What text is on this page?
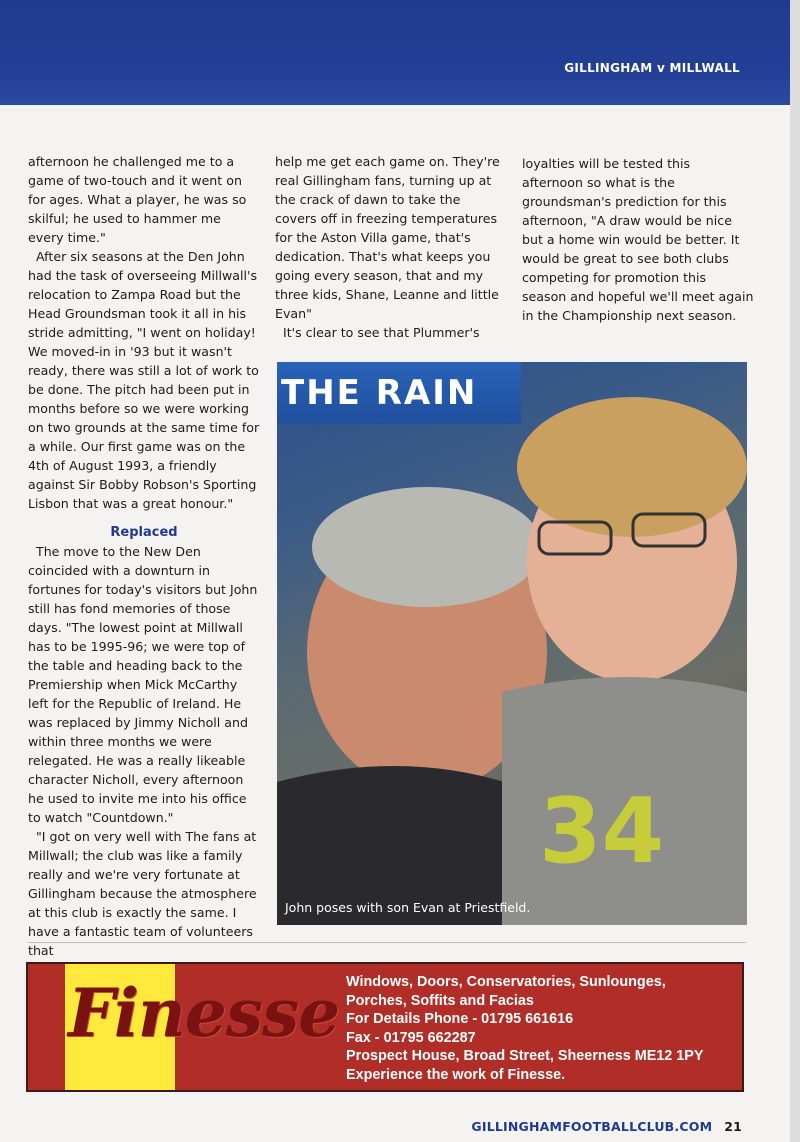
GILLINGHAM v MILLWALL

afternoon he challenged me to a game of two-touch and it went on for ages. What a player, he was so skilful; he used to hammer me every time."

After six seasons at the Den John had the task of overseeing Millwall's relocation to Zampa Road but the Head Groundsman took it all in his stride admitting, "I went on holiday! We moved-in in '93 but it wasn't ready, there was still a lot of work to be done. The pitch had been put in months before so we were working on two grounds at the same time for a while. Our first game was on the 4th of August 1993, a friendly against Sir Bobby Robson's Sporting Lisbon that was a great honour."

Replaced

The move to the New Den coincided with a downturn in fortunes for today's visitors but John still has fond memories of those days. "The lowest point at Millwall has to be 1995-96; we were top of the table and heading back to the Premiership when Mick McCarthy left for the Republic of Ireland. He was replaced by Jimmy Nicholl and within three months we were relegated. He was a really likeable character Nicholl, every afternoon he used to invite me into his office to watch "Countdown."

"I got on very well with The fans at Millwall; the club was like a family really and we're very fortunate at Gillingham because the atmosphere at this club is exactly the same. I have a fantastic team of volunteers that

help me get each game on. They're real Gillingham fans, turning up at the crack of dawn to take the covers off in freezing temperatures for the Aston Villa game, that's dedication. That's what keeps you going every season, that and my three kids, Shane, Leanne and little Evan"

It's clear to see that Plummer's

loyalties will be tested this afternoon so what is the groundsman's prediction for this afternoon, "A draw would be nice but a home win would be better. It would be great to see both clubs competing for promotion this season and hopeful we'll meet again in the Championship next season.

THE RAIN
34
John poses with son Evan at Priestfield.
Finesse Windows, Doors, Conservatories, Sunlounges,
Porches, Soffits and Facias
For Details Phone - 01795 661616
Fax - 01795 662287
Prospect House, Broad Street, Sheerness ME12 1PY
Experience the work of Finesse.
GILLINGHAMFOOTBALLCLUB.COM 21
